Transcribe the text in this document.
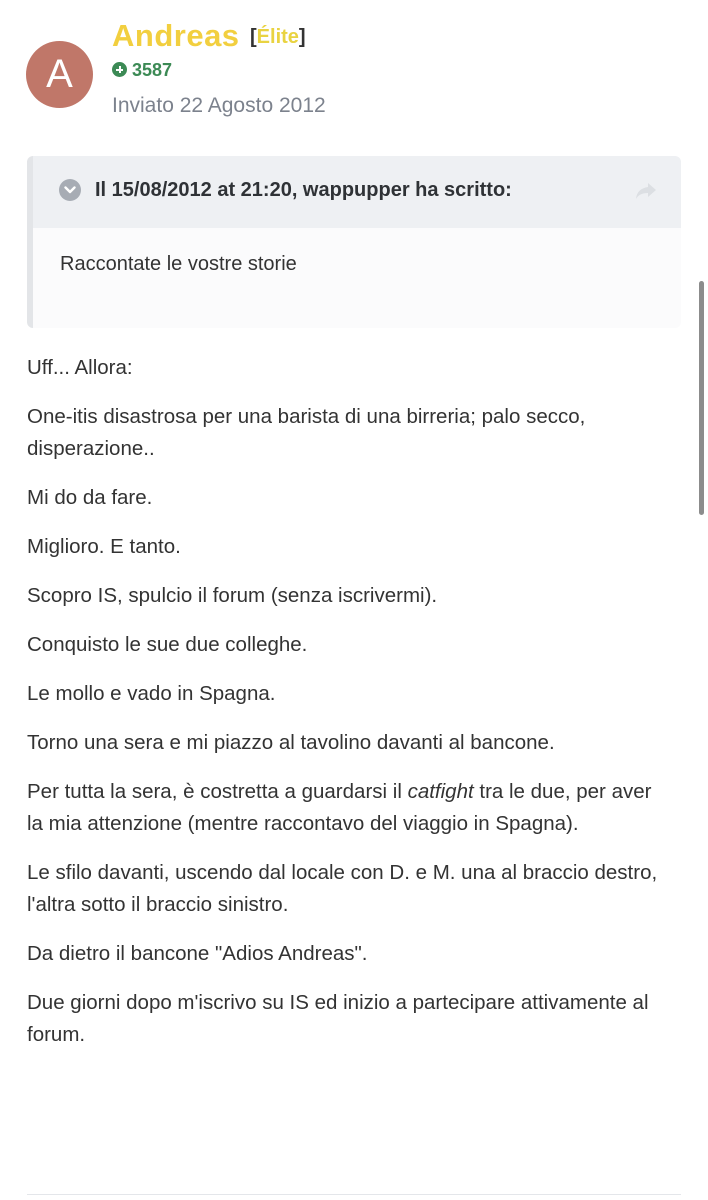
A
Andreas [Élite]
3587
Inviato 22 Agosto 2012
Il 15/08/2012 at 21:20, wappupper ha scritto:
Raccontate le vostre storie

Uff... Allora:

One-itis disastrosa per una barista di una birreria; palo secco, disperazione..

Mi do da fare.

Miglioro. E tanto.

Scopro IS, spulcio il forum (senza iscrivermi).

Conquisto le sue due colleghe.

Le mollo e vado in Spagna.

Torno una sera e mi piazzo al tavolino davanti al bancone.

Per tutta la sera, è costretta a guardarsi il catfight tra le due, per aver la mia attenzione (mentre raccontavo del viaggio in Spagna).

Le sfilo davanti, uscendo dal locale con D. e M. una al braccio destro, l'altra sotto il braccio sinistro.

Da dietro il bancone "Adios Andreas".

Due giorni dopo m'iscrivo su IS ed inizio a partecipare attivamente al forum.
